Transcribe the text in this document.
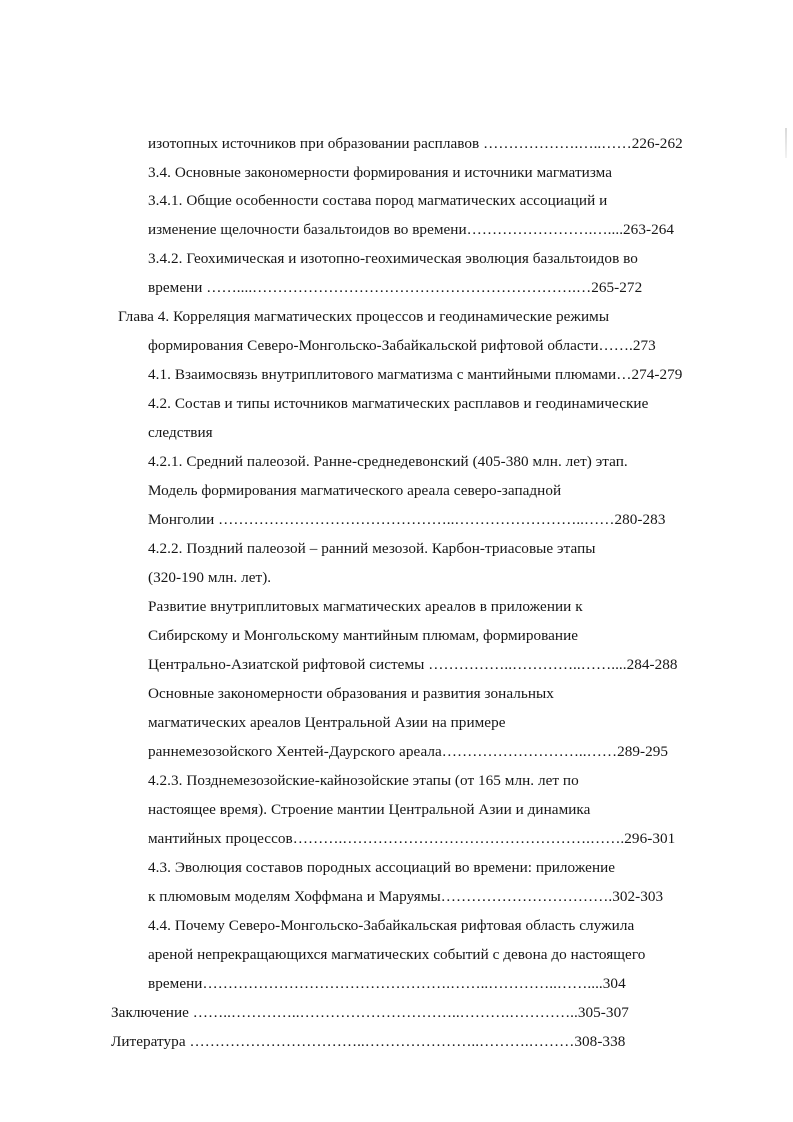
изотопных источников при образовании расплавов ……………….…..……226-262
3.4. Основные закономерности формирования и источники магматизма
3.4.1. Общие особенности состава пород магматических ассоциаций и
изменение щелочности базальтоидов во времени…………………….…....263-264
3.4.2. Геохимическая и изотопно-геохимическая эволюция базальтоидов во
времени ……....……………………………………………………….…265-272
Глава 4. Корреляция магматических процессов и геодинамические режимы
формирования Северо-Монгольско-Забайкальской рифтовой области…….273
4.1. Взаимосвязь внутриплитового магматизма с мантийными плюмами…274-279
4.2. Состав и типы источников магматических расплавов и геодинамические
следствия
4.2.1. Средний палеозой. Ранне-среднедевонский (405-380 млн. лет) этап.
Модель формирования магматического ареала северо-западной
Монголии ………………………………………..……………………..……280-283
4.2.2. Поздний палеозой – ранний мезозой. Карбон-триасовые этапы
(320-190 млн. лет).
Развитие внутриплитовых магматических ареалов в приложении к
Сибирскому и Монгольскому мантийным плюмам, формирование
Центрально-Азиатской рифтовой системы ……………..…………..……....284-288
Основные закономерности образования и развития зональных
магматических ареалов Центральной Азии на примере
раннемезозойского Хентей-Даурского ареала………………………..……289-295
4.2.3. Позднемезозойские-кайнозойские этапы (от 165 млн. лет по
настоящее время). Строение мантии Центральной Азии и динамика
мантийных процессов……….………………………………………….…….296-301
4.3. Эволюция составов породных ассоциаций во времени: приложение
к плюмовым моделям Хоффмана и Маруямы…………………………….302-303
4.4. Почему Северо-Монгольско-Забайкальская рифтовая область служила
ареной непрекращающихся магматических событий с девона до настоящего
времени………………………………………….……..…………..……....304
Заключение ……..…………..…………………………..……….…………..305-307
Литература ……………………………..…………………..……….………308-338
